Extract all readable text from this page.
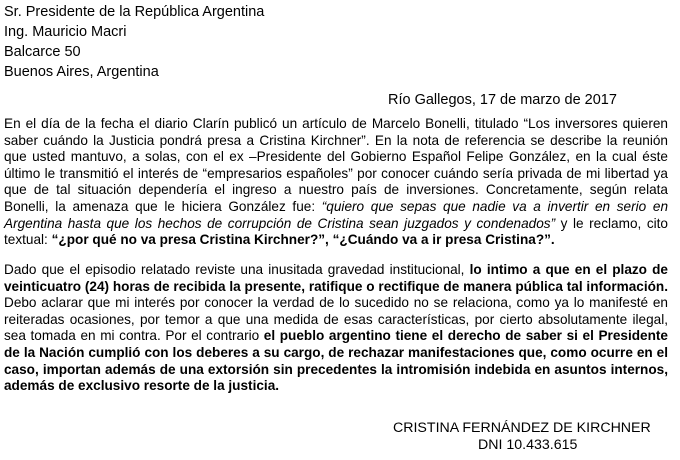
Sr. Presidente de la República Argentina
Ing. Mauricio Macri
Balcarce 50
Buenos Aires, Argentina
Río Gallegos, 17 de marzo de 2017
En el día de la fecha el diario Clarín publicó un artículo de Marcelo Bonelli, titulado “Los inversores quieren saber cuándo la Justicia pondrá presa a Cristina Kirchner”. En la nota de referencia se describe la reunión que usted mantuvo, a solas, con el ex –Presidente del Gobierno Español Felipe González, en la cual éste último le transmitió el interés de “empresarios españoles” por conocer cuándo sería privada de mi libertad ya que de tal situación dependería el ingreso a nuestro país de inversiones. Concretamente, según relata Bonelli, la amenaza que le hiciera González fue: “quiero que sepas que nadie va a invertir en serio en Argentina hasta que los hechos de corrupción de Cristina sean juzgados y condenados” y le reclamo, cito textual: “¿por qué no va presa Cristina Kirchner?”, “¿Cuándo va a ir presa Cristina?”.
Dado que el episodio relatado reviste una inusitada gravedad institucional, lo intimo a que en el plazo de veinticuatro (24) horas de recibida la presente, ratifique o rectifique de manera pública tal información. Debo aclarar que mi interés por conocer la verdad de lo sucedido no se relaciona, como ya lo manifesté en reiteradas ocasiones, por temor a que una medida de esas características, por cierto absolutamente ilegal, sea tomada en mi contra. Por el contrario el pueblo argentino tiene el derecho de saber si el Presidente de la Nación cumplió con los deberes a su cargo, de rechazar manifestaciones que, como ocurre en el caso, importan además de una extorsión sin precedentes la intromisión indebida en asuntos internos, además de exclusivo resorte de la justicia.
CRISTINA FERNÁNDEZ DE KIRCHNER
DNI 10.433.615
